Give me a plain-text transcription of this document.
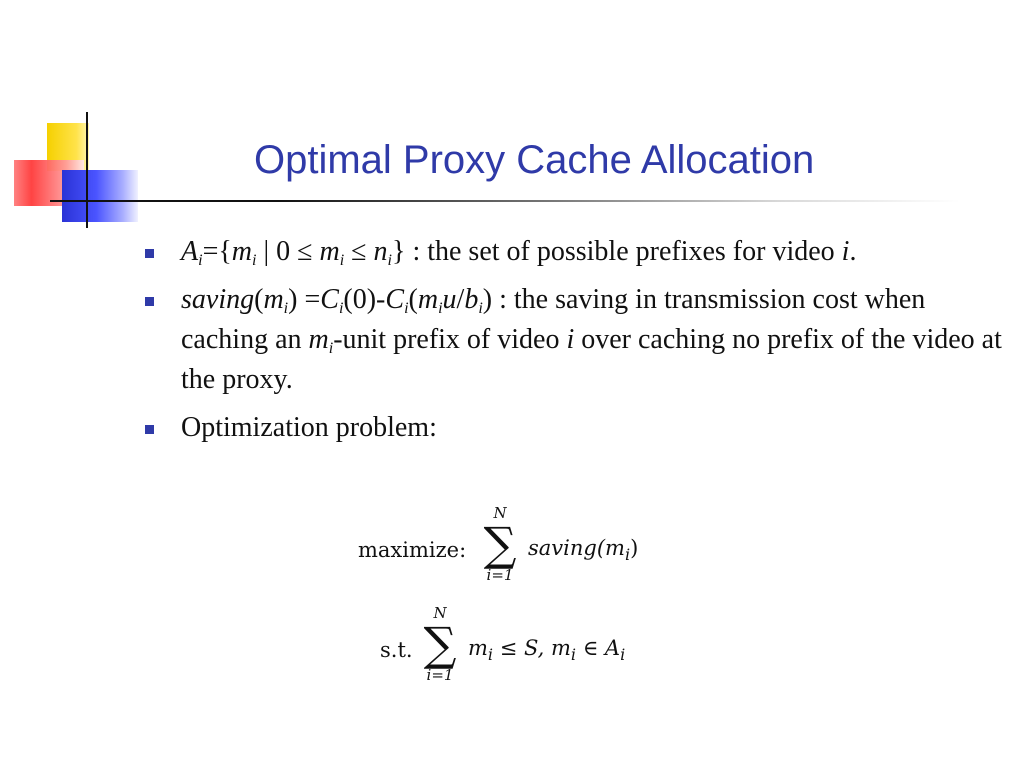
Optimal Proxy Cache Allocation
$A_i=\{m_i$ | $0 \le m_i \le n_i$} : the set of possible prefixes for video i.
$saving(m_i) =C_i(0)-C_i(m_iu/b_i)$ : the saving in transmission cost when caching an $m_i$-unit prefix of video i over caching no prefix of the video at the proxy.
Optimization problem:
maximize:
N
∑
i=1
$saving(m_i)$
s.t.
N
∑
i=1
$m_i \le S$, $m_i$ ∈ $A_i$
